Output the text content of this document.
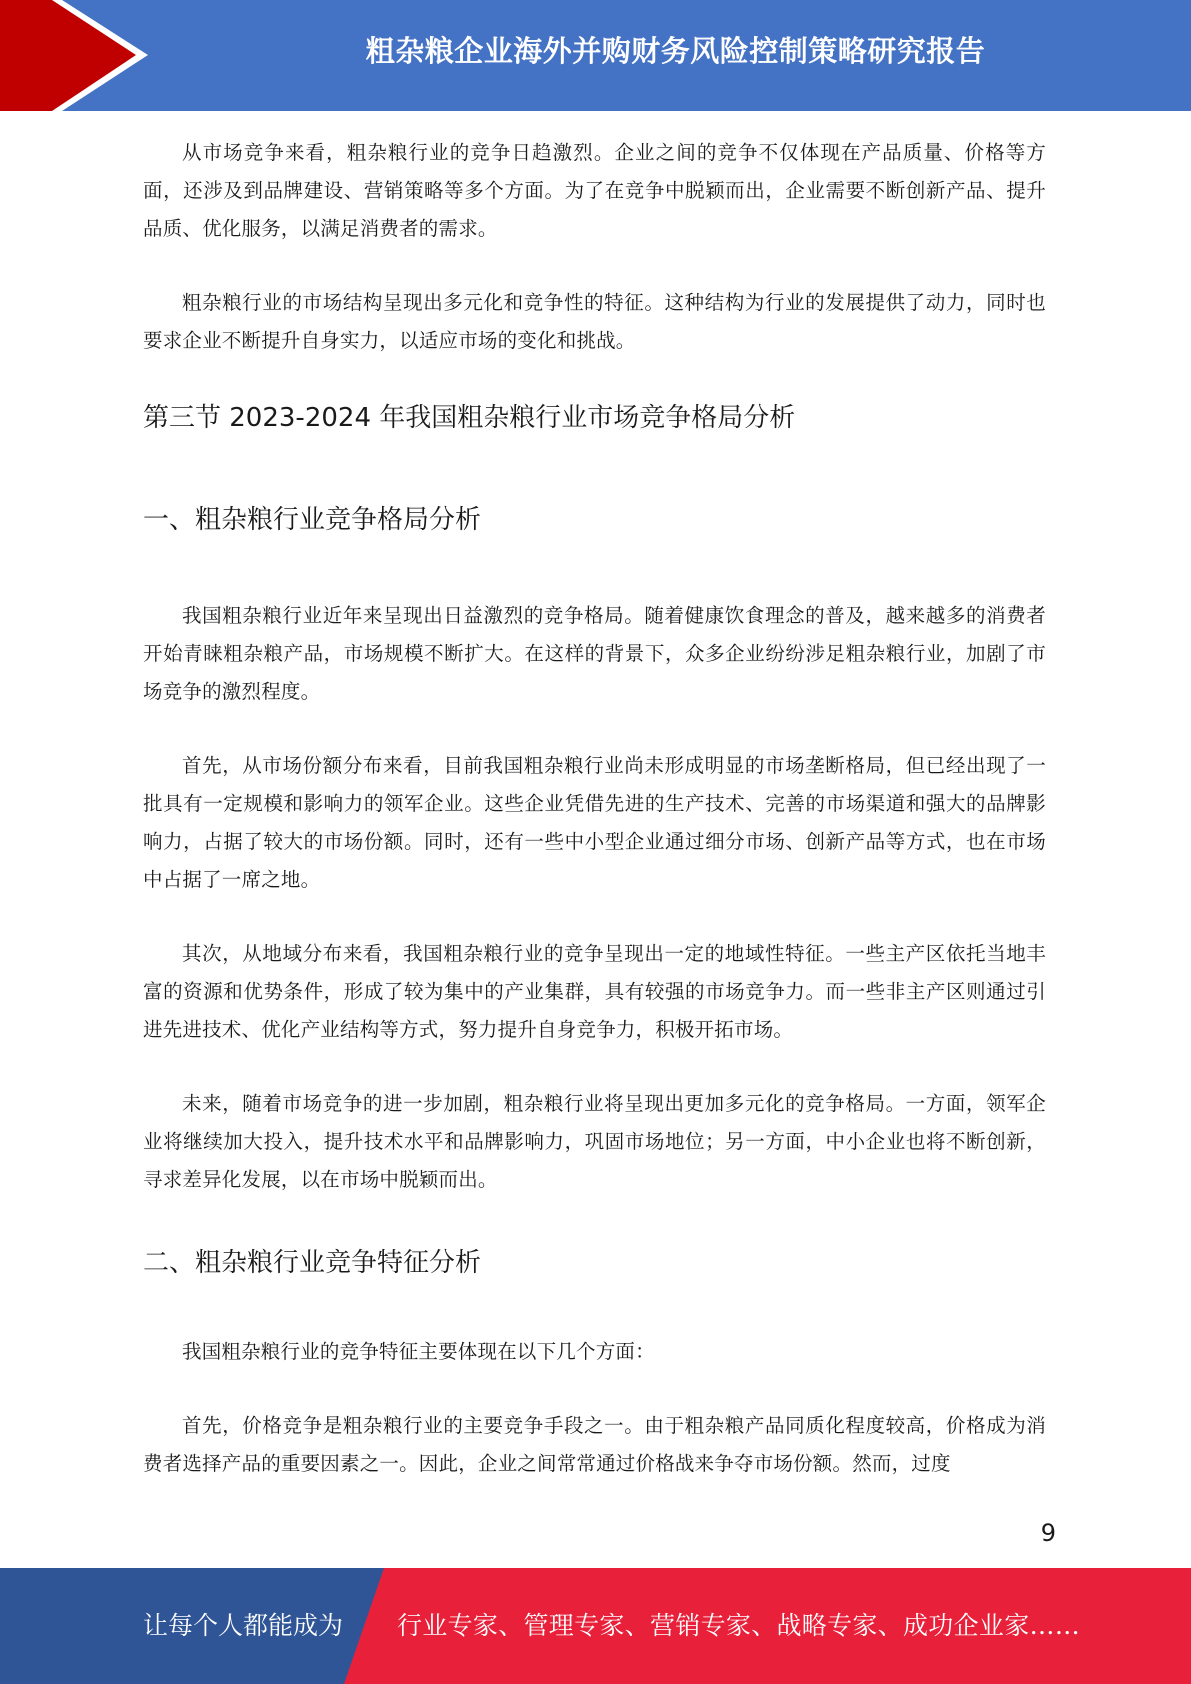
粗杂粮企业海外并购财务风险控制策略研究报告

从市场竞争来看，粗杂粮行业的竞争日趋激烈。企业之间的竞争不仅体现在产品质量、价格等方面，还涉及到品牌建设、营销策略等多个方面。为了在竞争中脱颖而出，企业需要不断创新产品、提升品质、优化服务，以满足消费者的需求。

粗杂粮行业的市场结构呈现出多元化和竞争性的特征。这种结构为行业的发展提供了动力，同时也要求企业不断提升自身实力，以适应市场的变化和挑战。

第三节 2023-2024 年我国粗杂粮行业市场竞争格局分析
一、粗杂粮行业竞争格局分析

我国粗杂粮行业近年来呈现出日益激烈的竞争格局。随着健康饮食理念的普及，越来越多的消费者开始青睐粗杂粮产品，市场规模不断扩大。在这样的背景下，众多企业纷纷涉足粗杂粮行业，加剧了市场竞争的激烈程度。

首先，从市场份额分布来看，目前我国粗杂粮行业尚未形成明显的市场垄断格局，但已经出现了一批具有一定规模和影响力的领军企业。这些企业凭借先进的生产技术、完善的市场渠道和强大的品牌影响力，占据了较大的市场份额。同时，还有一些中小型企业通过细分市场、创新产品等方式，也在市场中占据了一席之地。

其次，从地域分布来看，我国粗杂粮行业的竞争呈现出一定的地域性特征。一些主产区依托当地丰富的资源和优势条件，形成了较为集中的产业集群，具有较强的市场竞争力。而一些非主产区则通过引进先进技术、优化产业结构等方式，努力提升自身竞争力，积极开拓市场。

未来，随着市场竞争的进一步加剧，粗杂粮行业将呈现出更加多元化的竞争格局。一方面，领军企业将继续加大投入，提升技术水平和品牌影响力，巩固市场地位；另一方面，中小企业也将不断创新，寻求差异化发展，以在市场中脱颖而出。

二、粗杂粮行业竞争特征分析

我国粗杂粮行业的竞争特征主要体现在以下几个方面：

首先，价格竞争是粗杂粮行业的主要竞争手段之一。由于粗杂粮产品同质化程度较高，价格成为消费者选择产品的重要因素之一。因此，企业之间常常通过价格战来争夺市场份额。然而，过度

9
让每个人都能成为 行业专家、管理专家、营销专家、战略专家、成功企业家……
